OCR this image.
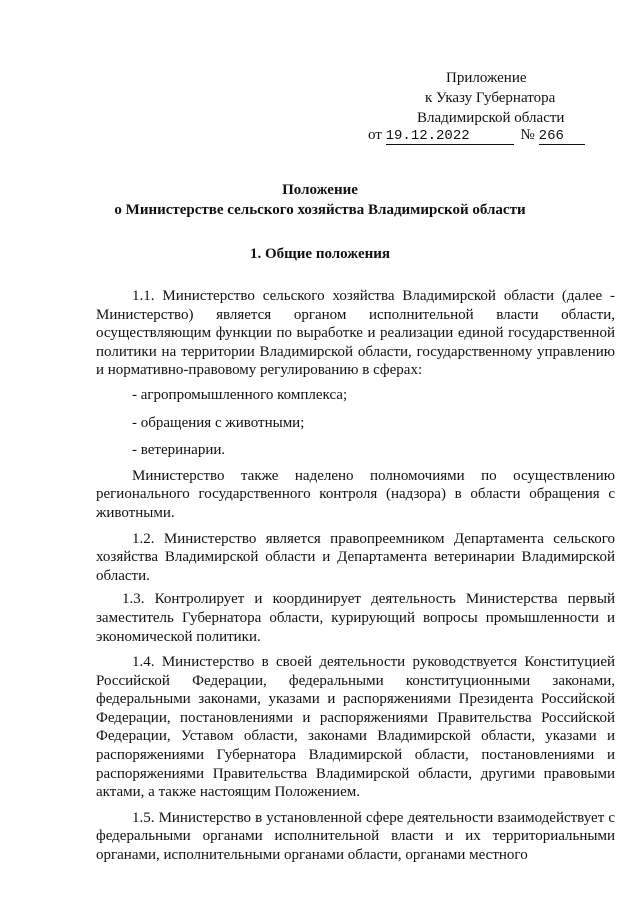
Приложение
к Указу Губернатора
Владимирской области
от 19.12.2022	№ 266
Положение
о Министерстве сельского хозяйства Владимирской области
1. Общие положения

1.1. Министерство сельского хозяйства Владимирской области (далее - Министерство) является органом исполнительной власти области, осуществляющим функции по выработке и реализации единой государственной политики на территории Владимирской области, государственному управлению и нормативно-правовому регулированию в сферах:

- агропромышленного комплекса;

- обращения с животными;

- ветеринарии.

Министерство также наделено полномочиями по осуществлению регионального государственного контроля (надзора) в области обращения с животными.

1.2. Министерство является правопреемником Департамента сельского хозяйства Владимирской области и Департамента ветеринарии Владимирской области.

1.3. Контролирует и координирует деятельность Министерства первый заместитель Губернатора области, курирующий вопросы промышленности и экономической политики.

1.4. Министерство в своей деятельности руководствуется Конституцией Российской Федерации, федеральными конституционными законами, федеральными законами, указами и распоряжениями Президента Российской Федерации, постановлениями и распоряжениями Правительства Российской Федерации, Уставом области, законами Владимирской области, указами и распоряжениями Губернатора Владимирской области, постановлениями и распоряжениями Правительства Владимирской области, другими правовыми актами, а также настоящим Положением.

1.5. Министерство в установленной сфере деятельности взаимодействует с федеральными органами исполнительной власти и их территориальными органами, исполнительными органами области, органами местного
